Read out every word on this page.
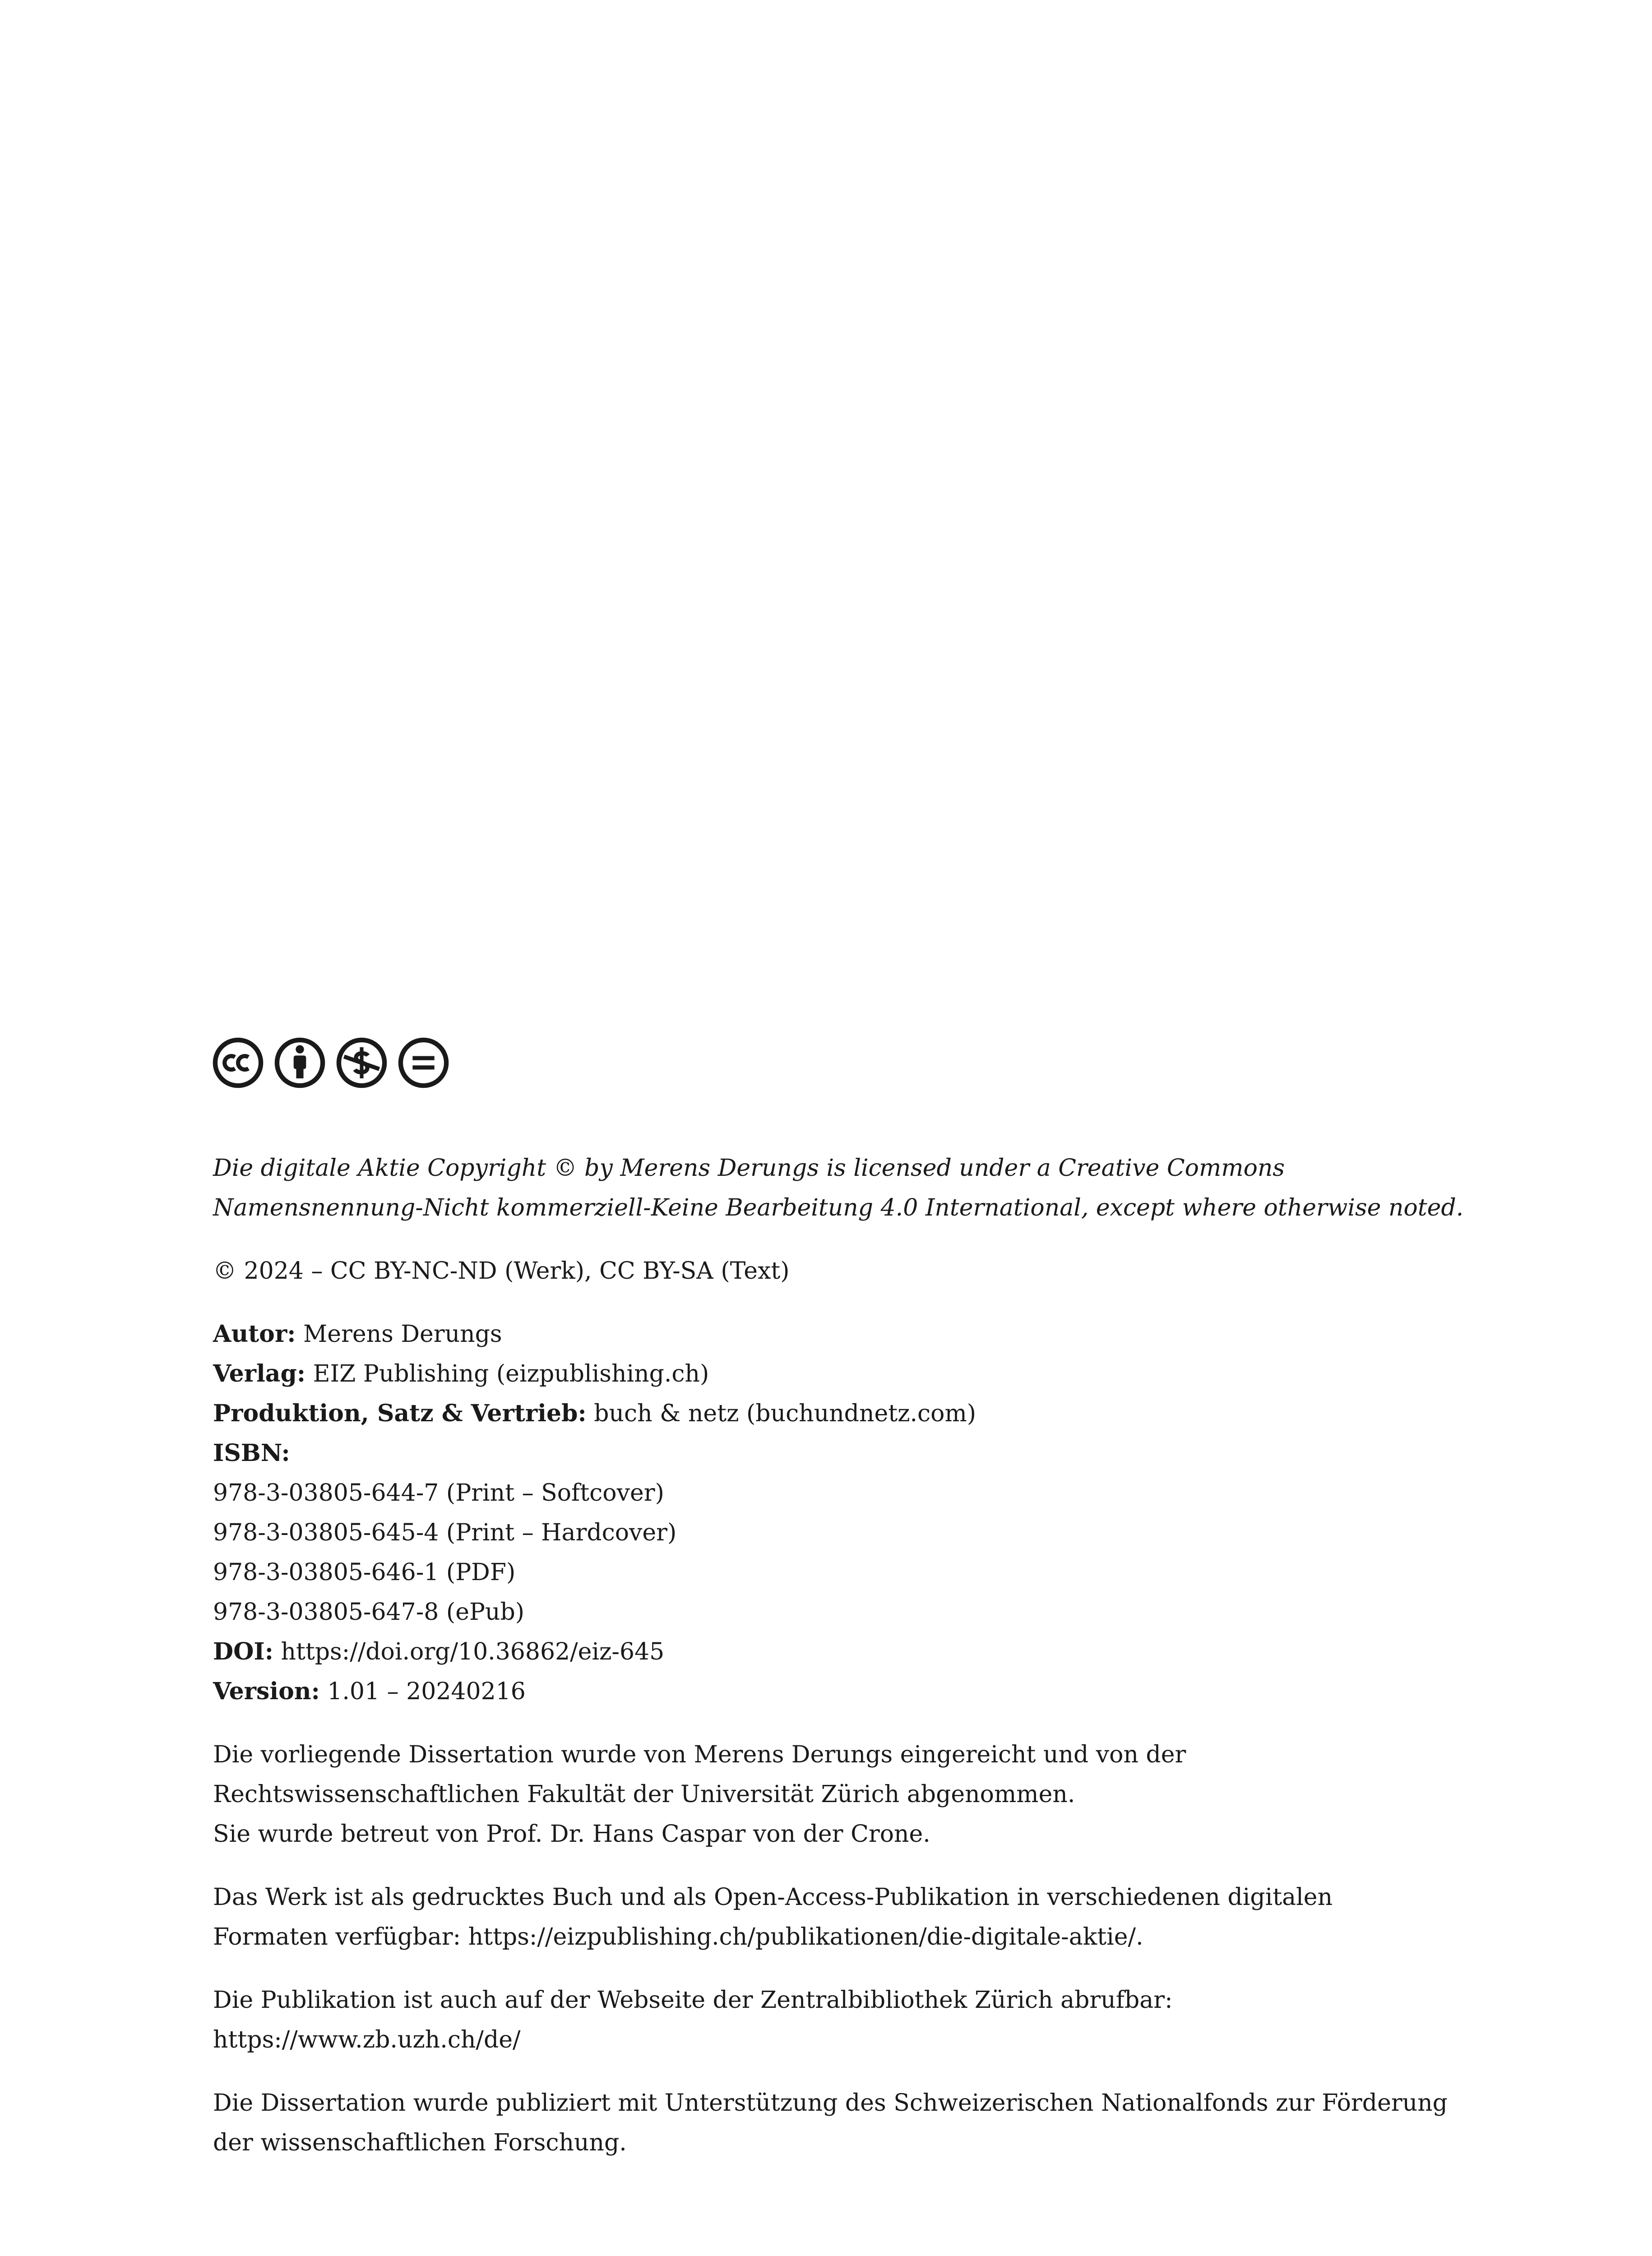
Die digitale Aktie Copyright © by Merens Derungs is licensed under a Creative Commons
Namensnennung-Nicht kommerziell-Keine Bearbeitung 4.0 International, except where otherwise noted.

© 2024 – CC BY-NC-ND (Werk), CC BY-SA (Text)

Autor: Merens Derungs
Verlag: EIZ Publishing (eizpublishing.ch)
Produktion, Satz & Vertrieb: buch & netz (buchundnetz.com)
ISBN:
978-3-03805-644-7 (Print – Softcover)
978-3-03805-645-4 (Print – Hardcover)
978-3-03805-646-1 (PDF)
978-3-03805-647-8 (ePub)
DOI: https://doi.org/10.36862/eiz-645
Version: 1.01 – 20240216

Die vorliegende Dissertation wurde von Merens Derungs eingereicht und von der
Rechtswissenschaftlichen Fakultät der Universität Zürich abgenommen.
Sie wurde betreut von Prof. Dr. Hans Caspar von der Crone.

Das Werk ist als gedrucktes Buch und als Open-Access-Publikation in verschiedenen digitalen
Formaten verfügbar: https://eizpublishing.ch/publikationen/die-digitale-aktie/.

Die Publikation ist auch auf der Webseite der Zentralbibliothek Zürich abrufbar:
https://www.zb.uzh.ch/de/

Die Dissertation wurde publiziert mit Unterstützung des Schweizerischen Nationalfonds zur Förderung
der wissenschaftlichen Forschung.
